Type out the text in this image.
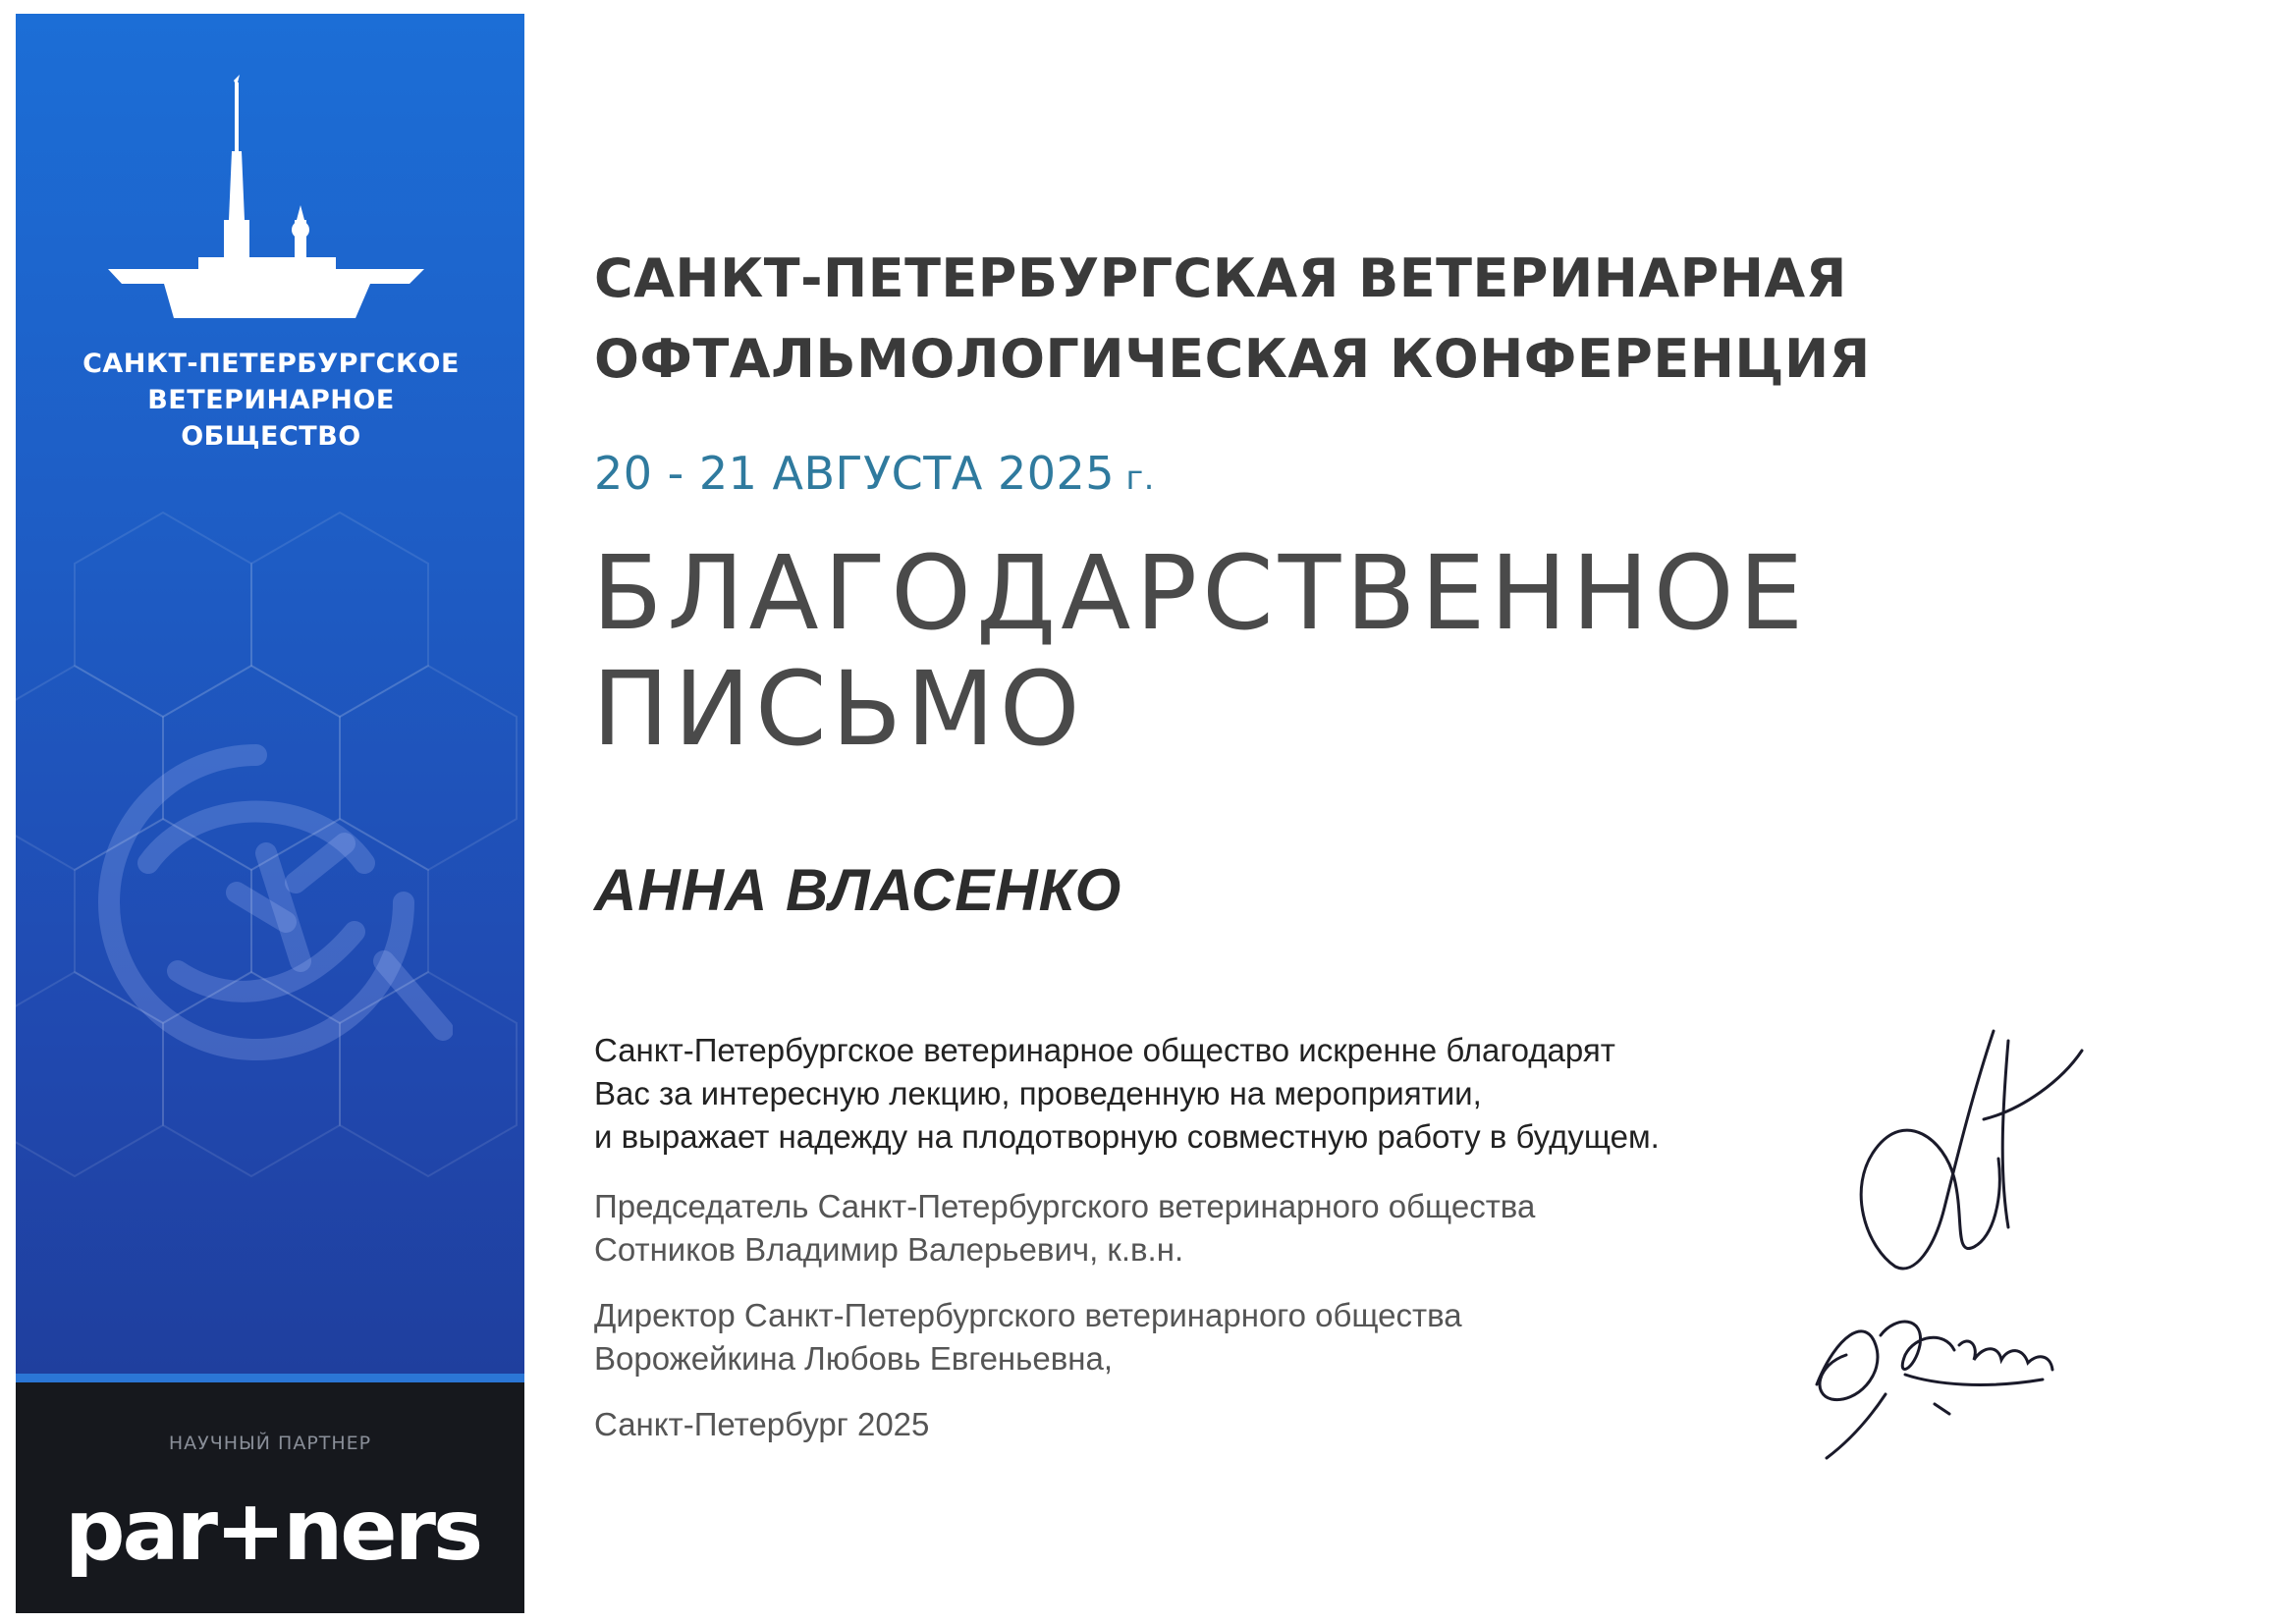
САНКТ-ПЕТЕРБУРГСКОЕ
ВЕТЕРИНАРНОЕ
ОБЩЕСТВО
НАУЧНЫЙ ПАРТНЕР
par+ners
САНКТ-ПЕТЕРБУРГСКАЯ ВЕТЕРИНАРНАЯ
ОФТАЛЬМОЛОГИЧЕСКАЯ КОНФЕРЕНЦИЯ
20 - 21 АВГУСТА 2025 г.
БЛАГОДАРСТВЕННОЕ
ПИСЬМО
АННА ВЛАСЕНКО
Санкт-Петербургское ветеринарное общество искренне благодарят
Вас за интересную лекцию, проведенную на мероприятии,
и выражает надежду на плодотворную совместную работу в будущем.
Председатель Санкт-Петербургского ветеринарного общества
Сотников Владимир Валерьевич, к.в.н.
Директор Санкт-Петербургского ветеринарного общества
Ворожейкина Любовь Евгеньевна,
Санкт-Петербург 2025
